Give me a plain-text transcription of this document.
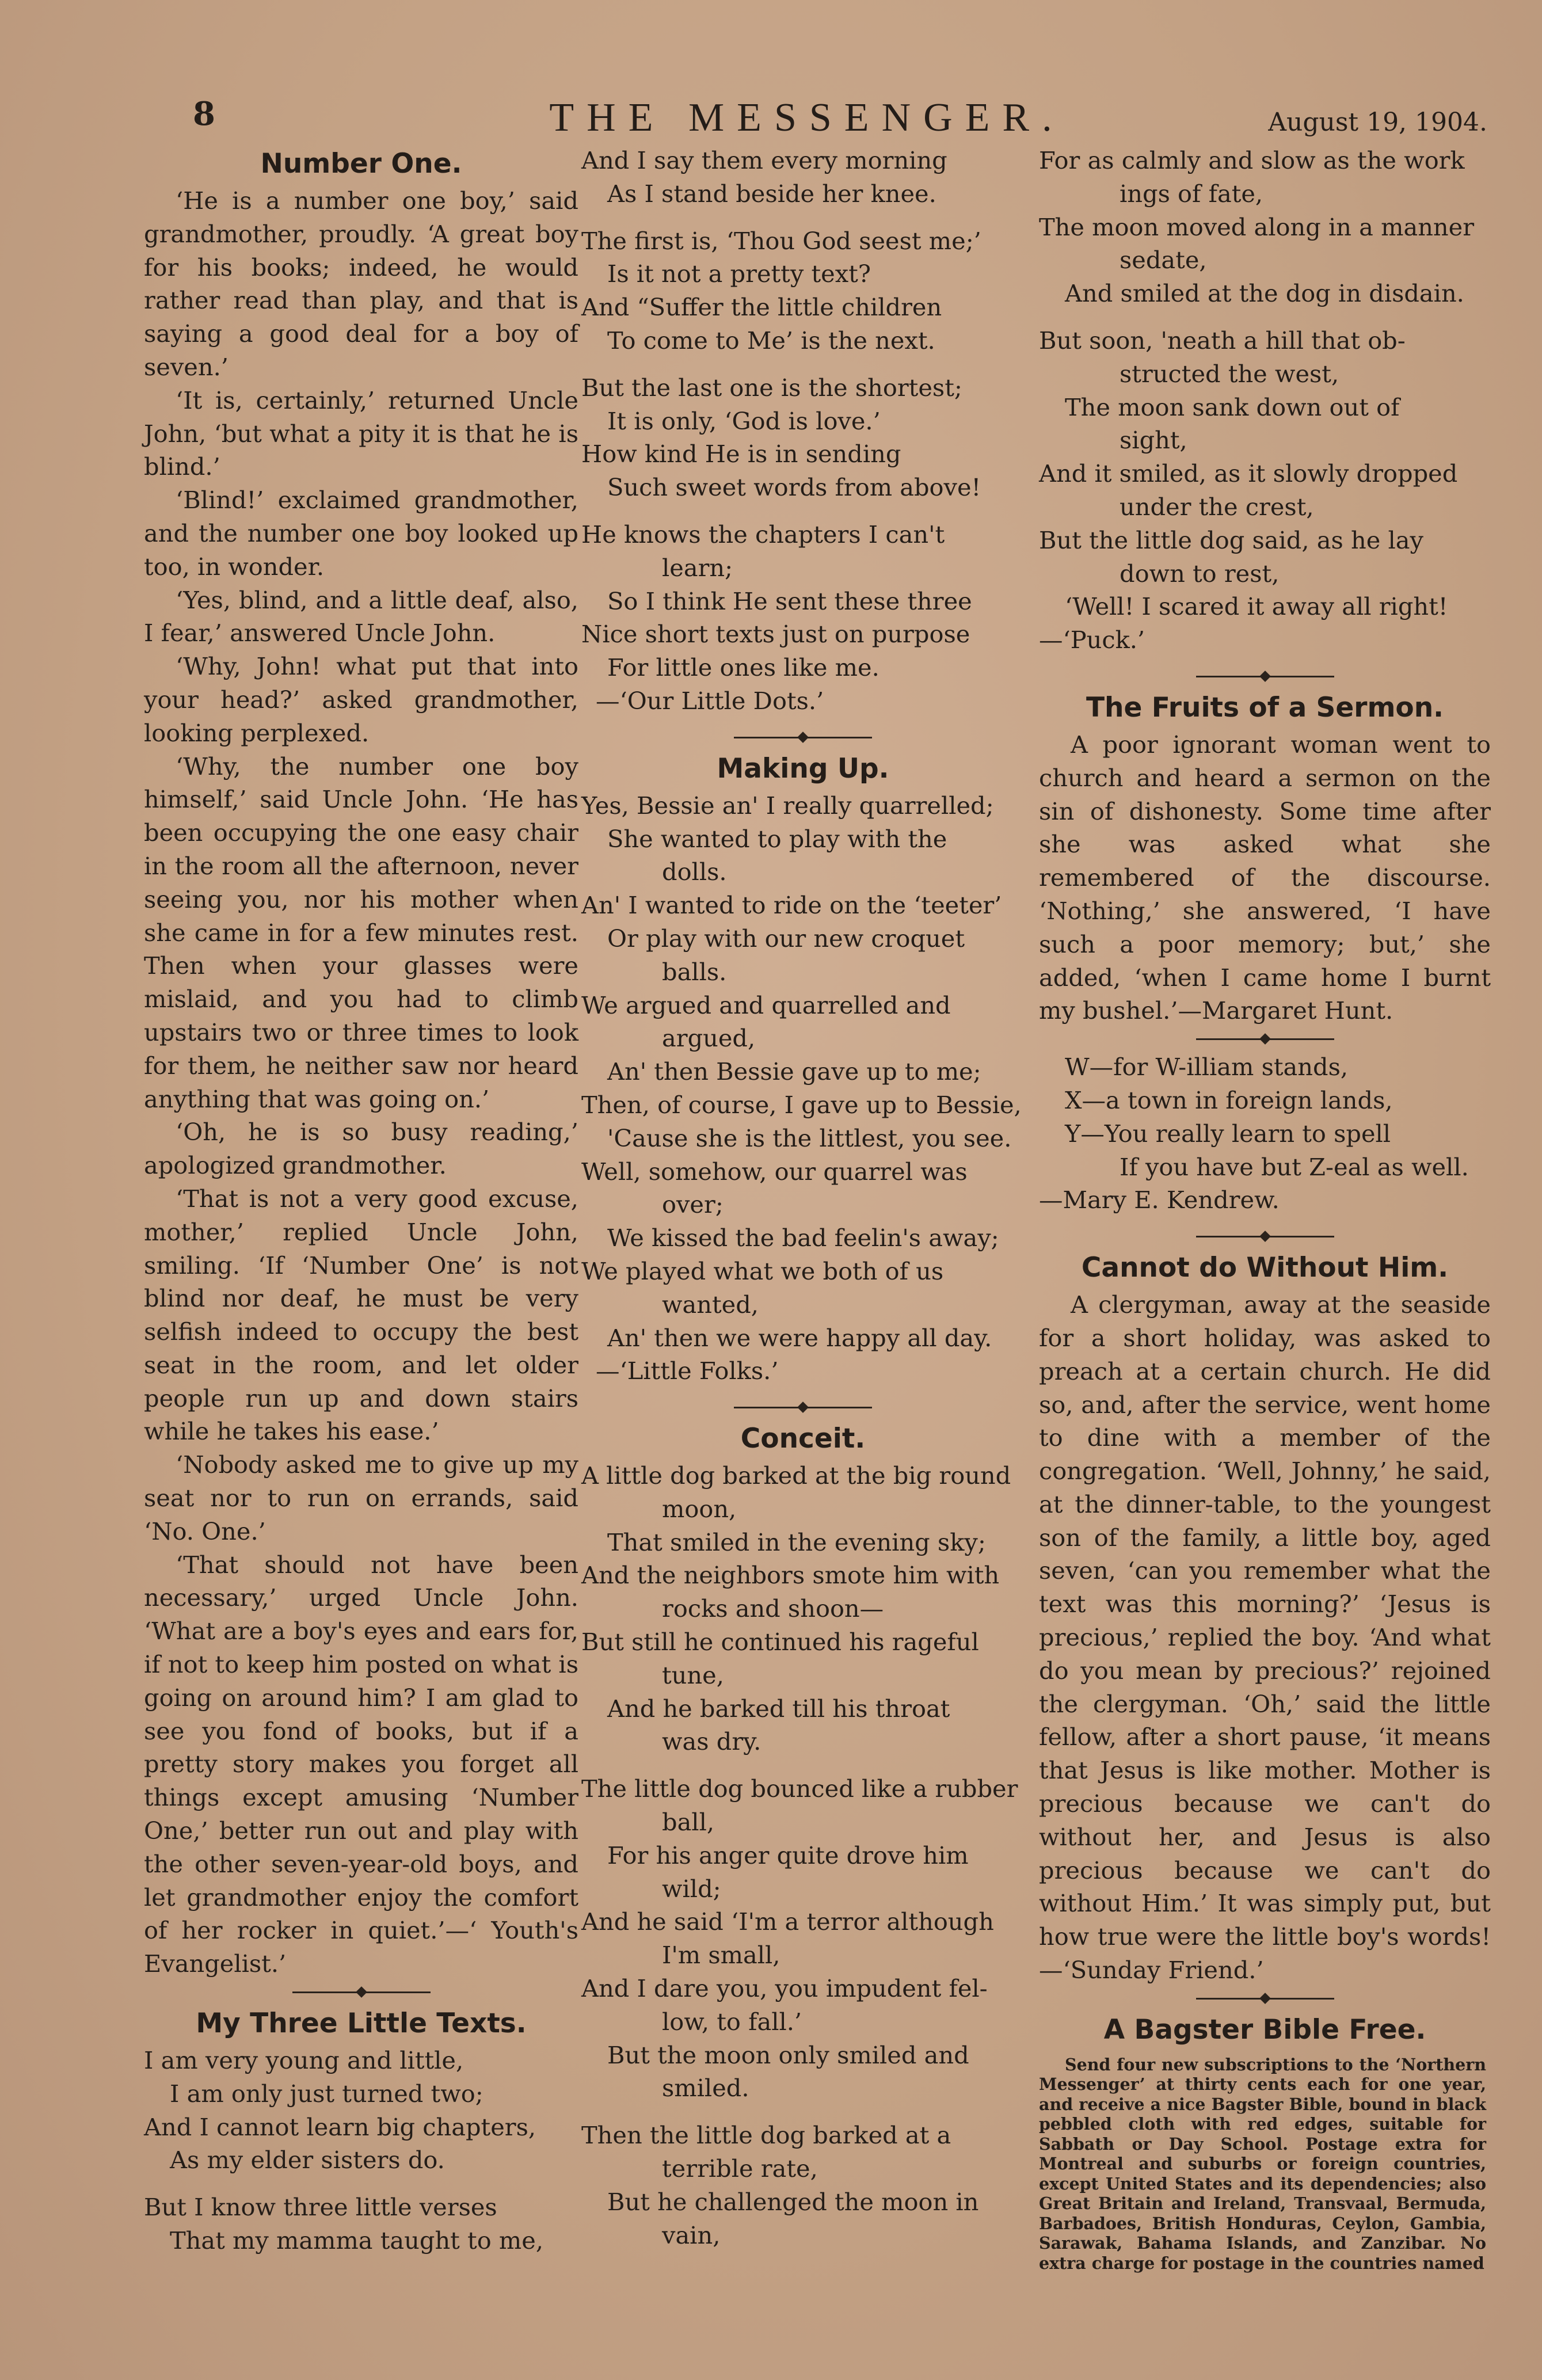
8	THE MESSENGER.	August 19, 1904.
Number One.

‘He is a number one boy,’ said grandmother, proudly. ‘A great boy for his books; indeed, he would rather read than play, and that is saying a good deal for a boy of seven.’

‘It is, certainly,’ returned Uncle John, ‘but what a pity it is that he is blind.’

‘Blind!’ exclaimed grandmother, and the number one boy looked up too, in wonder.

‘Yes, blind, and a little deaf, also, I fear,’ answered Uncle John.

‘Why, John! what put that into your head?’ asked grandmother, looking perplexed.

‘Why, the number one boy himself,’ said Uncle John. ‘He has been occupying the one easy chair in the room all the afternoon, never seeing you, nor his mother when she came in for a few minutes rest. Then when your glasses were mislaid, and you had to climb upstairs two or three times to look for them, he neither saw nor heard anything that was going on.’

‘Oh, he is so busy reading,’ apologized grandmother.

‘That is not a very good excuse, mother,’ replied Uncle John, smiling. ‘If ‘Number One’ is not blind nor deaf, he must be very selfish indeed to occupy the best seat in the room, and let older people run up and down stairs while he takes his ease.’

‘Nobody asked me to give up my seat nor to run on errands, said ‘No. One.’

‘That should not have been necessary,’ urged Uncle John. ‘What are a boy's eyes and ears for, if not to keep him posted on what is going on around him? I am glad to see you fond of books, but if a pretty story makes you forget all things except amusing ‘Number One,’ better run out and play with the other seven-year-old boys, and let grandmother enjoy the comfort of her rocker in quiet.’—‘ Youth's Evangelist.’

My Three Little Texts.
I am very young and little,
I am only just turned two;
And I cannot learn big chapters,
As my elder sisters do.
But I know three little verses
That my mamma taught to me,
And I say them every morning
As I stand beside her knee.
The first is, ‘Thou God seest me;’
Is it not a pretty text?
And “Suffer the little children
To come to Me’ is the next.
But the last one is the shortest;
It is only, ‘God is love.’
How kind He is in sending
Such sweet words from above!
He knows the chapters I can't
learn;
So I think He sent these three
Nice short texts just on purpose
For little ones like me.
—‘Our Little Dots.’
Making Up.
Yes, Bessie an' I really quarrelled;
She wanted to play with the
dolls.
An' I wanted to ride on the ‘teeter’
Or play with our new croquet
balls.
We argued and quarrelled and
argued,
An' then Bessie gave up to me;
Then, of course, I gave up to Bessie,
'Cause she is the littlest, you see.
Well, somehow, our quarrel was
over;
We kissed the bad feelin's away;
We played what we both of us
wanted,
An' then we were happy all day.
—‘Little Folks.’
Conceit.
A little dog barked at the big round
moon,
That smiled in the evening sky;
And the neighbors smote him with
rocks and shoon—
But still he continued his rageful
tune,
And he barked till his throat
was dry.
The little dog bounced like a rubber
ball,
For his anger quite drove him
wild;
And he said ‘I'm a terror although
I'm small,
And I dare you, you impudent fel-
low, to fall.’
But the moon only smiled and
smiled.
Then the little dog barked at a
terrible rate,
But he challenged the moon in
vain,
For as calmly and slow as the work
ings of fate,
The moon moved along in a manner
sedate,
And smiled at the dog in disdain.
But soon, 'neath a hill that ob-
structed the west,
The moon sank down out of
sight,
And it smiled, as it slowly dropped
under the crest,
But the little dog said, as he lay
down to rest,
‘Well! I scared it away all right!
—‘Puck.’
The Fruits of a Sermon.

A poor ignorant woman went to church and heard a sermon on the sin of dishonesty. Some time after she was asked what she remembered of the discourse. ‘Nothing,’ she answered, ‘I have such a poor memory; but,’ she added, ‘when I came home I burnt my bushel.’—Margaret Hunt.

W—for W-illiam stands,
X—a town in foreign lands,
Y—You really learn to spell
If you have but Z-eal as well.
—Mary E. Kendrew.
Cannot do Without Him.

A clergyman, away at the seaside for a short holiday, was asked to preach at a certain church. He did so, and, after the service, went home to dine with a member of the congregation. ‘Well, Johnny,’ he said, at the dinner-table, to the youngest son of the family, a little boy, aged seven, ‘can you remember what the text was this morning?’ ‘Jesus is precious,’ replied the boy. ‘And what do you mean by precious?’ rejoined the clergyman. ‘Oh,’ said the little fellow, after a short pause, ‘it means that Jesus is like mother. Mother is precious because we can't do without her, and Jesus is also precious because we can't do without Him.’ It was simply put, but how true were the little boy's words!—‘Sunday Friend.’

A Bagster Bible Free.

Send four new subscriptions to the ‘Northern Messenger’ at thirty cents each for one year, and receive a nice Bagster Bible, bound in black pebbled cloth with red edges, suitable for Sabbath or Day School. Postage extra for Montreal and suburbs or foreign countries, except United States and its dependencies; also Great Britain and Ireland, Transvaal, Bermuda, Barbadoes, British Honduras, Ceylon, Gambia, Sarawak, Bahama Islands, and Zanzibar. No extra charge for postage in the countries named
